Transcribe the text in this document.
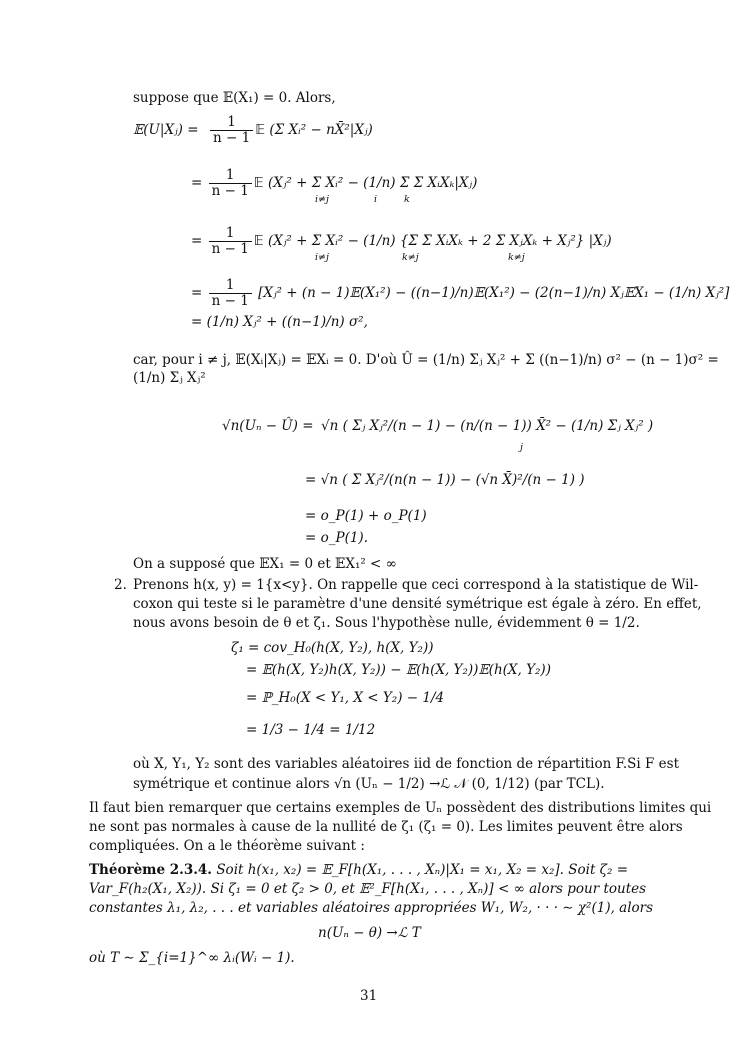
suppose que 𝔼(X₁) = 0. Alors,
𝔼(U|Xⱼ) = $\frac{1}{n - 1}$ 𝔼 (Σ Xᵢ² − nX̄²|Xⱼ)
= $\frac{1}{n - 1}$ 𝔼 (Xⱼ² + Σ Xᵢ² − (1/n) Σ Σ XᵢXₖ|Xⱼ)
i≠j	i	k
= $\frac{1}{n - 1}$ 𝔼 (Xⱼ² + Σ Xᵢ² − (1/n) {Σ Σ XᵢXₖ + 2 Σ XⱼXₖ + Xⱼ²} |Xⱼ)
i≠j	k≠j	k≠j
= $\frac{1}{n - 1}$ [Xⱼ² + (n − 1)𝔼(X₁²) − ((n−1)/n)𝔼(X₁²) − (2(n−1)/n) Xⱼ𝔼X₁ − (1/n) Xⱼ²]
= (1/n) Xⱼ² + ((n−1)/n) σ²,
car, pour i ≠ j, 𝔼(Xᵢ|Xⱼ) = 𝔼Xᵢ = 0. D'où Û = (1/n) Σⱼ Xⱼ² + Σ ((n−1)/n) σ² − (n − 1)σ² =
(1/n) Σⱼ Xⱼ²
√n(Uₙ − Û) = √n ( Σⱼ Xⱼ²/(n − 1) − (n/(n − 1)) X̄² − (1/n) Σⱼ Xⱼ² )
j
= √n ( Σ Xⱼ²/(n(n − 1)) − (√n X̄)²/(n − 1) )
= o_P(1) + o_P(1)
= o_P(1).
On a supposé que 𝔼X₁ = 0 et 𝔼X₁² < ∞
2. Prenons h(x, y) = 1{x<y}. On rappelle que ceci correspond à la statistique de Wil-
coxon qui teste si le paramètre d'une densité symétrique est égale à zéro. En effet,
nous avons besoin de θ et ζ₁. Sous l'hypothèse nulle, évidemment θ = 1/2.
ζ₁ = cov_H₀(h(X, Y₂), h(X, Y₂))
= 𝔼(h(X, Y₂)h(X, Y₂)) − 𝔼(h(X, Y₂))𝔼(h(X, Y₂))
= ℙ_H₀(X < Y₁, X < Y₂) − 1/4
= 1/3 − 1/4 = 1/12
où X, Y₁, Y₂ sont des variables aléatoires iid de fonction de répartition F.Si F est
symétrique et continue alors √n (Uₙ − 1/2) →ℒ 𝒩 (0, 1/12) (par TCL).
Il faut bien remarquer que certains exemples de Uₙ possèdent des distributions limites qui
ne sont pas normales à cause de la nullité de ζ₁ (ζ₁ = 0). Les limites peuvent être alors
compliquées. On a le théorème suivant :
Théorème 2.3.4. Soit h(x₁, x₂) = 𝔼_F[h(X₁, . . . , Xₙ)|X₁ = x₁, X₂ = x₂]. Soit ζ₂ =
Var_F(h₂(X₁, X₂)). Si ζ₁ = 0 et ζ₂ > 0, et 𝔼²_F[h(X₁, . . . , Xₙ)] < ∞ alors pour toutes
constantes λ₁, λ₂, . . . et variables aléatoires appropriées W₁, W₂, · · · ∼ χ²(1), alors
n(Uₙ − θ) →ℒ T
où T ∼ Σ_{i=1}^∞ λᵢ(Wᵢ − 1).
31
